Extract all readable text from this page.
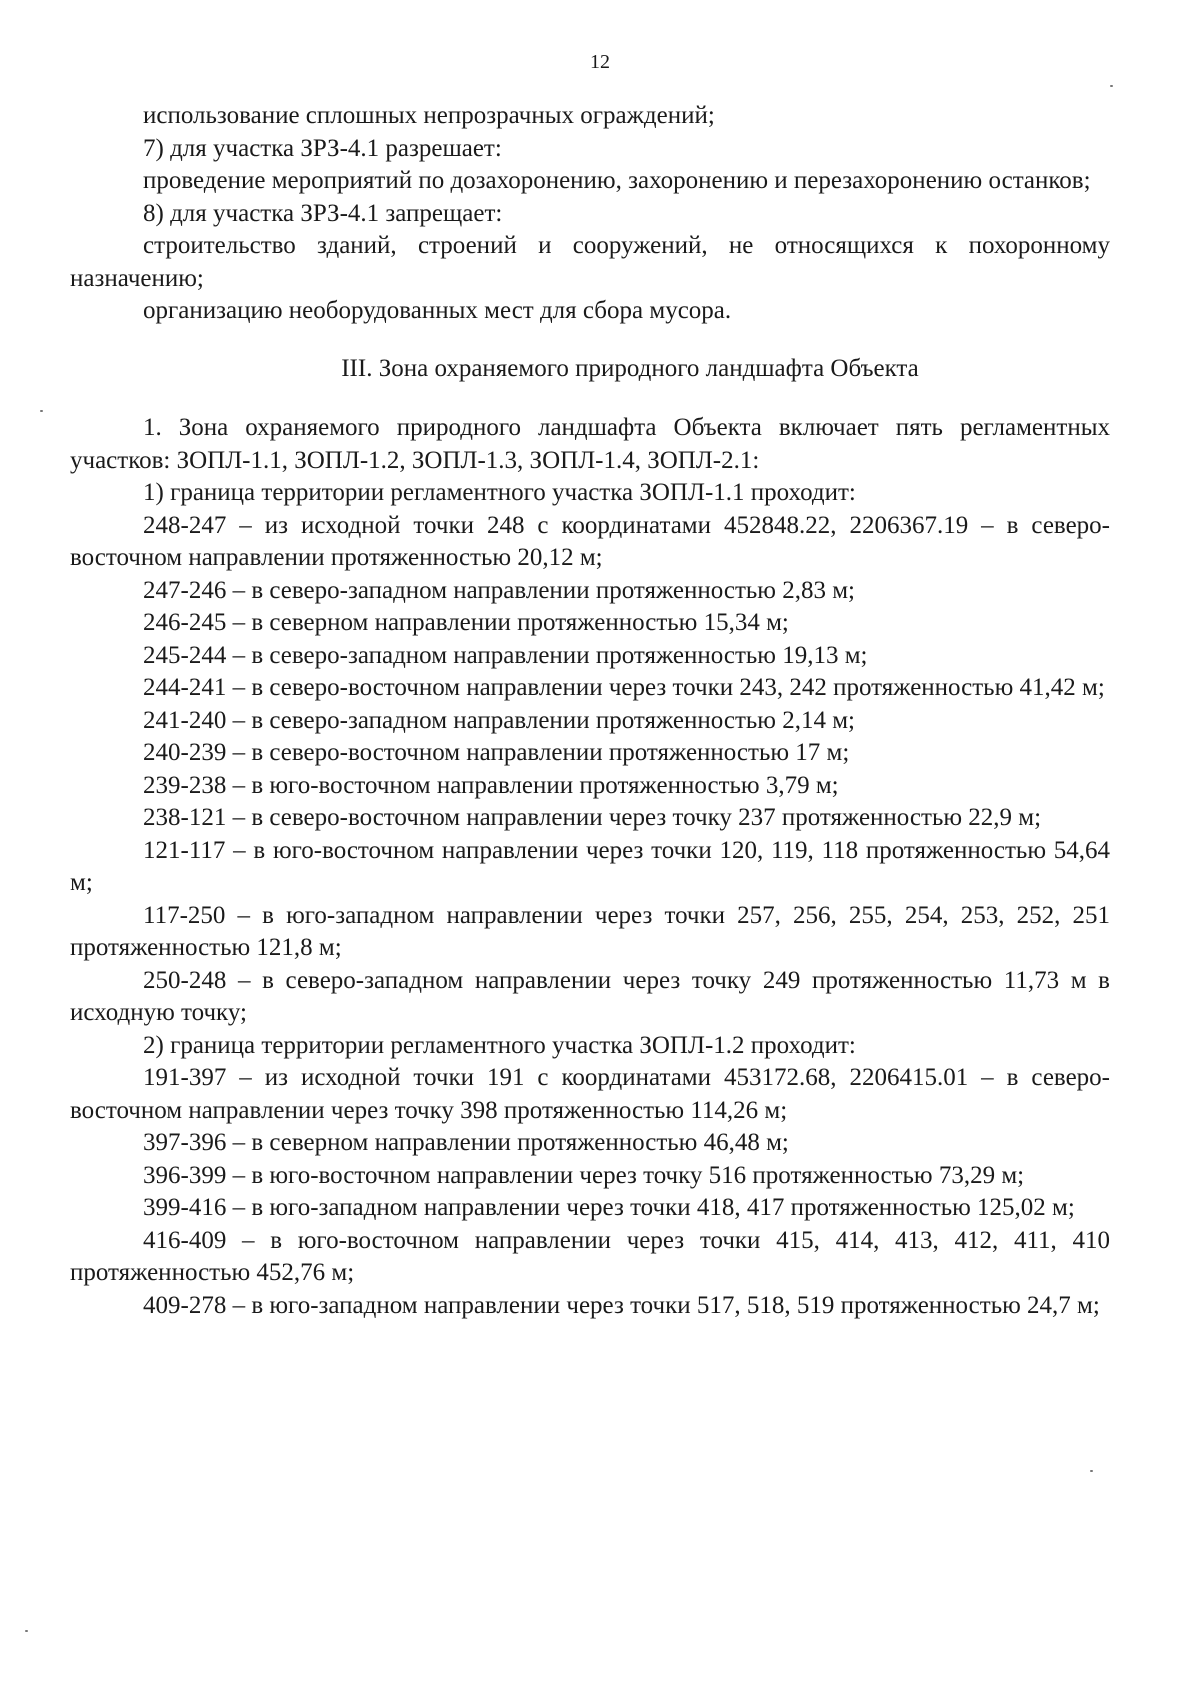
12

использование сплошных непрозрачных ограждений;

7) для участка ЗРЗ-4.1 разрешает:

проведение мероприятий по дозахоронению, захоронению и перезахоронению останков;

8) для участка ЗРЗ-4.1 запрещает:

строительство зданий, строений и сооружений, не относящихся к похоронному назначению;

организацию необорудованных мест для сбора мусора.

III. Зона охраняемого природного ландшафта Объекта

1. Зона охраняемого природного ландшафта Объекта включает пять регламентных участков: ЗОПЛ-1.1, ЗОПЛ-1.2, ЗОПЛ-1.3, ЗОПЛ-1.4, ЗОПЛ-2.1:

1) граница территории регламентного участка ЗОПЛ-1.1 проходит:

248-247 – из исходной точки 248 с координатами 452848.22, 2206367.19 – в северо-восточном направлении протяженностью 20,12 м;

247-246 – в северо-западном направлении протяженностью 2,83 м;

246-245 – в северном направлении протяженностью 15,34 м;

245-244 – в северо-западном направлении протяженностью 19,13 м;

244-241 – в северо-восточном направлении через точки 243, 242 протяженностью 41,42 м;

241-240 – в северо-западном направлении протяженностью 2,14 м;

240-239 – в северо-восточном направлении протяженностью 17 м;

239-238 – в юго-восточном направлении протяженностью 3,79 м;

238-121 – в северо-восточном направлении через точку 237 протяженностью 22,9 м;

121-117 – в юго-восточном направлении через точки 120, 119, 118 протяженностью 54,64 м;

117-250 – в юго-западном направлении через точки 257, 256, 255, 254, 253, 252, 251 протяженностью 121,8 м;

250-248 – в северо-западном направлении через точку 249 протяженностью 11,73 м в исходную точку;

2) граница территории регламентного участка ЗОПЛ-1.2 проходит:

191-397 – из исходной точки 191 с координатами 453172.68, 2206415.01 – в северо-восточном направлении через точку 398 протяженностью 114,26 м;

397-396 – в северном направлении протяженностью 46,48 м;

396-399 – в юго-восточном направлении через точку 516 протяженностью 73,29 м;

399-416 – в юго-западном направлении через точки 418, 417 протяженностью 125,02 м;

416-409 – в юго-восточном направлении через точки 415, 414, 413, 412, 411, 410 протяженностью 452,76 м;

409-278 – в юго-западном направлении через точки 517, 518, 519 протяженностью 24,7 м;
